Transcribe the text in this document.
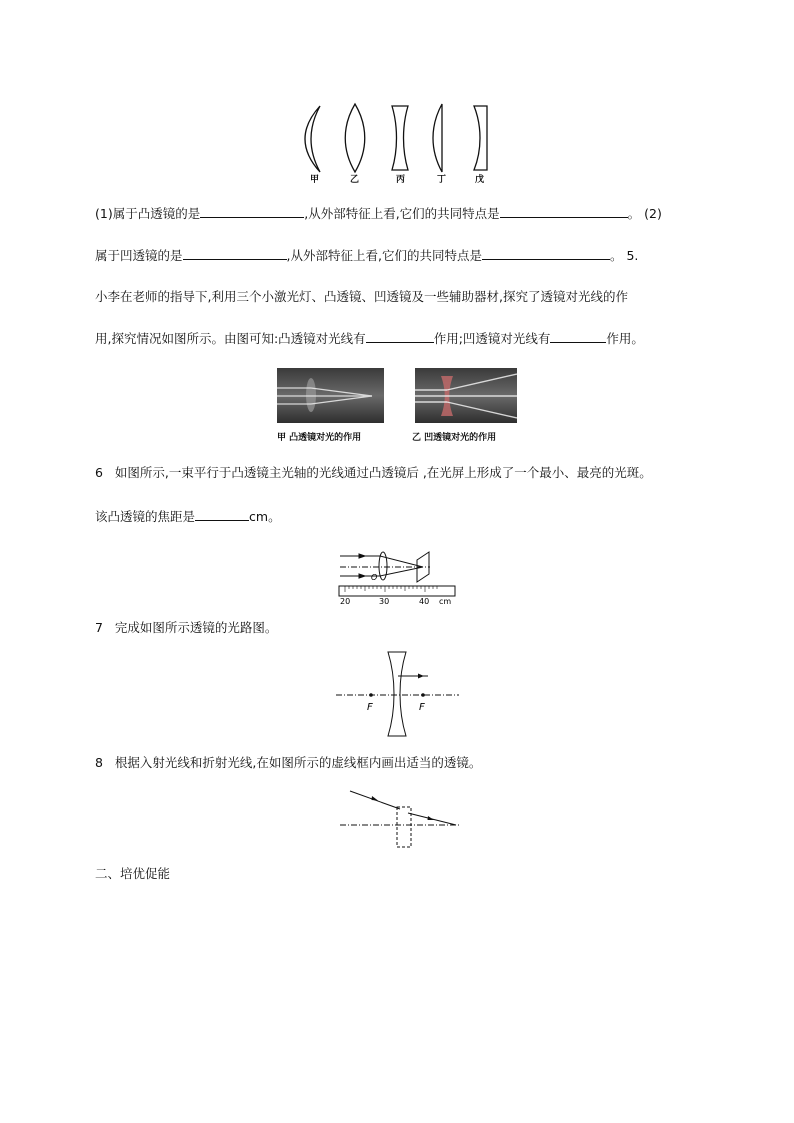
甲	乙	丙	丁	戊
(1)属于凸透镜的是	,从外部特征上看,它们的共同特点是	。 (2)
属于凹透镜的是	,从外部特征上看,它们的共同特点是	。 5.
小李在老师的指导下,利用三个小激光灯、凸透镜、凹透镜及一些辅助器材,探究了透镜对光线的作
用,探究情况如图所示。由图可知:凸透镜对光线有	作用;凹透镜对光线有	作用。
甲 凸透镜对光的作用	乙 凹透镜对光的作用
6 如图所示,一束平行于凸透镜主光轴的光线通过凸透镜后 ,在光屏上形成了一个最小、最亮的光斑。
该凸透镜的焦距是	cm。
O
20	30	40 cm
7 完成如图所示透镜的光路图。
F	F
8 根据入射光线和折射光线,在如图所示的虚线框内画出适当的透镜。
二、培优促能
